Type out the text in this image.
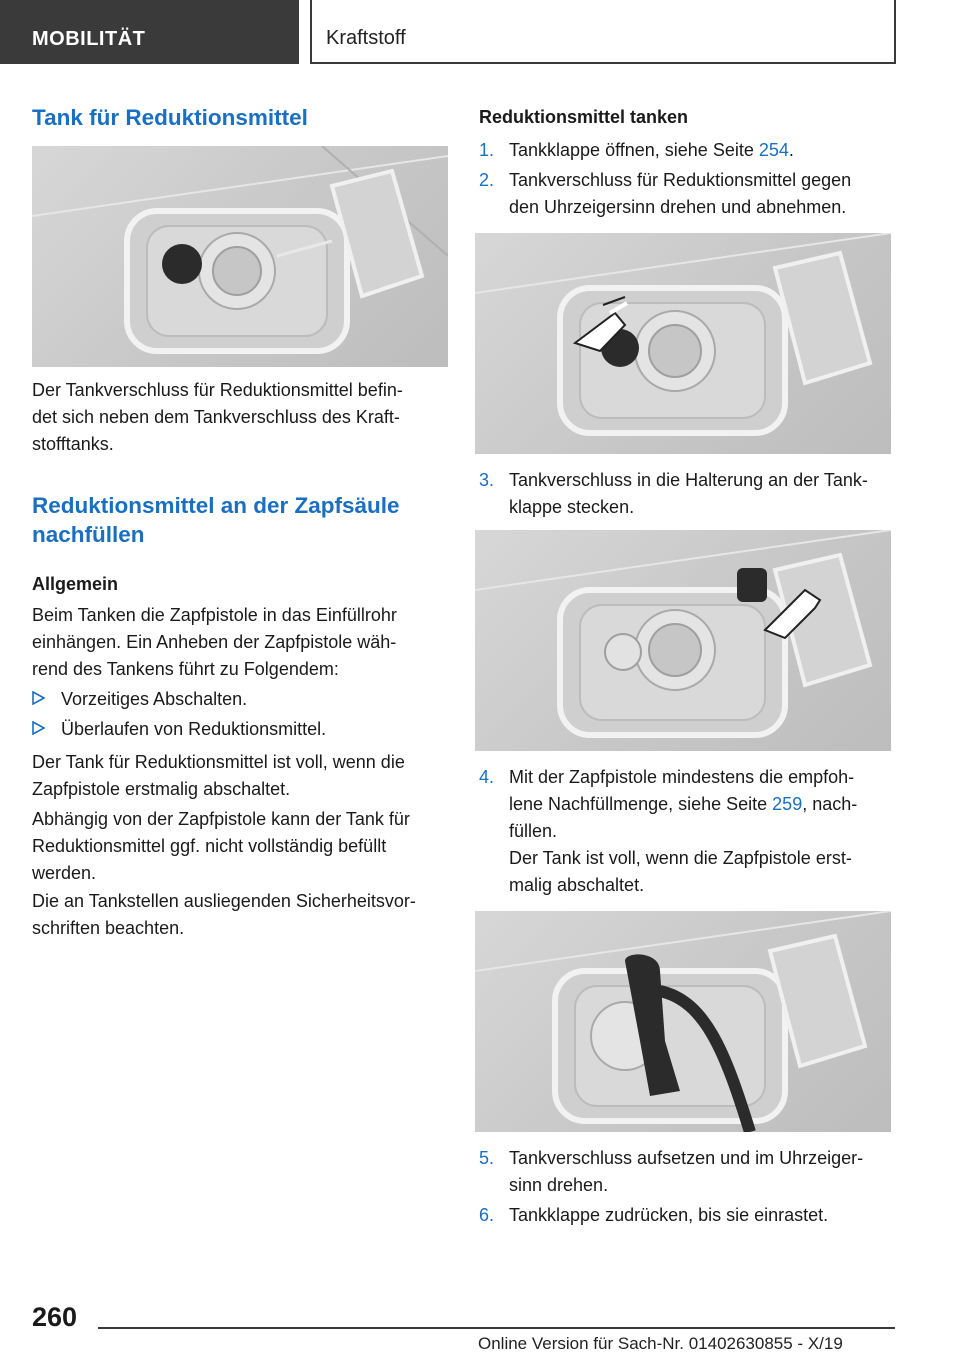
MOBILITÄT	Kraftstoff
Tank für Reduktionsmittel

Der Tankverschluss für Reduktionsmittel befin-
det sich neben dem Tankverschluss des Kraft-
stofftanks.

Reduktionsmittel an der Zapfsäule
nachfüllen
Allgemein

Beim Tanken die Zapfpistole in das Einfüllrohr
einhängen. Ein Anheben der Zapfpistole wäh-
rend des Tankens führt zu Folgendem:

Vorzeitiges Abschalten.
Überlaufen von Reduktionsmittel.

Der Tank für Reduktionsmittel ist voll, wenn die
Zapfpistole erstmalig abschaltet.

Abhängig von der Zapfpistole kann der Tank für
Reduktionsmittel ggf. nicht vollständig befüllt
werden.

Die an Tankstellen ausliegenden Sicherheitsvor-
schriften beachten.

Reduktionsmittel tanken
1. Tankklappe öffnen, siehe Seite 254.
2. Tankverschluss für Reduktionsmittel gegen
den Uhrzeigersinn drehen und abnehmen.
3. Tankverschluss in die Halterung an der Tank-
klappe stecken.
4. Mit der Zapfpistole mindestens die empfoh-
lene Nachfüllmenge, siehe Seite 259, nach-
füllen.

Der Tank ist voll, wenn die Zapfpistole erst-
malig abschaltet.

5. Tankverschluss aufsetzen und im Uhrzeiger-
sinn drehen.
6. Tankklappe zudrücken, bis sie einrastet.
260
Online Version für Sach-Nr. 01402630855 - X/19
